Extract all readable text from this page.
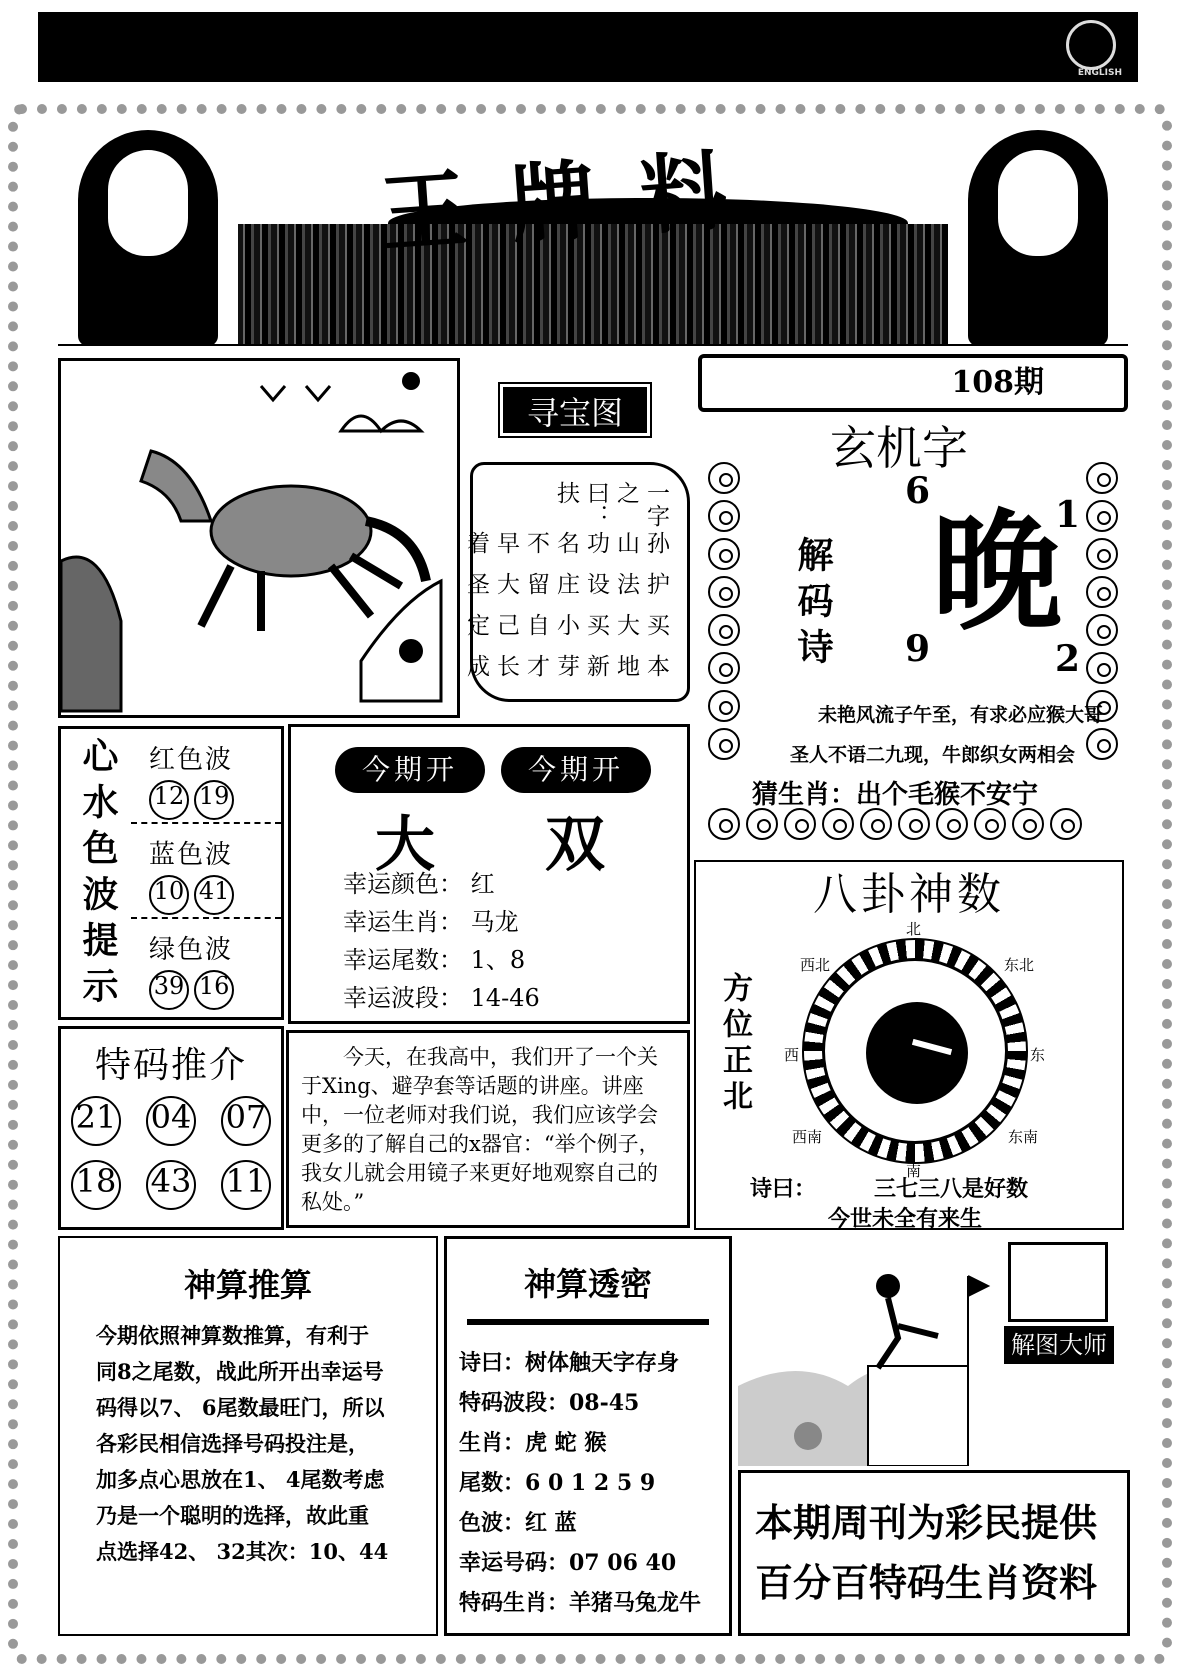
ENGLISH
王牌料
寻宝图
一字之曰：扶
孙山功名不早着
护法设庄留大圣
买大买小自己定
本地新芽才长成
108期
玄机字
解码诗
6
1
9	2
晚
未艳风流子午至，有求必应猴大哥
圣人不语二九现，牛郎织女两相会
猜生肖：出个毛猴不安宁
心水色波提示 红色波
12 19
蓝色波
10 41
绿色波
39 16
今期开	今期开
大 双
幸运颜色： 红
幸运生肖： 马龙
幸运尾数： 1、8
幸运波段： 14-46
特码推介
21 04 07
18 43 11
今天，在我高中，我们开了一个关于Xing、避孕套等话题的讲座。讲座中，一位老师对我们说，我们应该学会更多的了解自己的x器官：“举个例子，我女儿就会用镜子来更好地观察自己的私处。”
八卦神数
方位正北
北
东北
东
东南
南
西南
西
西北
诗曰：	三七三八是好数
今世未全有来生
神算推算
今期依照神算数推算，有利于
同8之尾数，战此所开出幸运号
码得以7、 6尾数最旺门，所以
各彩民相信选择号码投注是，
加多点心思放在1、 4尾数考虑
乃是一个聪明的选择，故此重
点选择42、 32其次：10、44
神算透密
诗曰：树体触天字存身
特码波段：08-45
生肖：虎 蛇 猴
尾数：6 0 1 2 5 9
色波：红 蓝
幸运号码：07 06 40
特码生肖：羊猪马兔龙牛
解图大师
本期周刊为彩民提供
百分百特码生肖资料
